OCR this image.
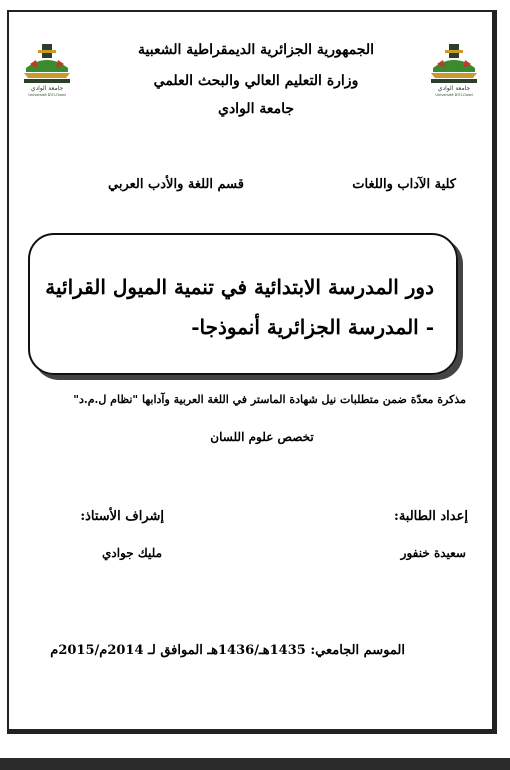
جامعة الوادي
Université D'El-Oued
جامعة الوادي
Université D'El-Oued
الجمهورية الجزائرية الديمقراطية الشعبية
وزارة التعليم العالي والبحث العلمي
جامعة الوادي
كلية الآداب واللغات
قسم اللغة والأدب العربي
دور المدرسة الابتدائية في تنمية الميول القرائية
- المدرسة الجزائرية أنموذجا-
مذكرة معدّة ضمن متطلبات نيل شهادة الماستر في اللغة العربية وآدابها "نظام ل.م.د"
تخصص علوم اللسان
إعداد الطالبة:
إشراف الأستاذ:
سعيدة خنفور
مليك جوادي
الموسم الجامعي: 1435هـ/1436هـ الموافق لـ 2014م/2015م
